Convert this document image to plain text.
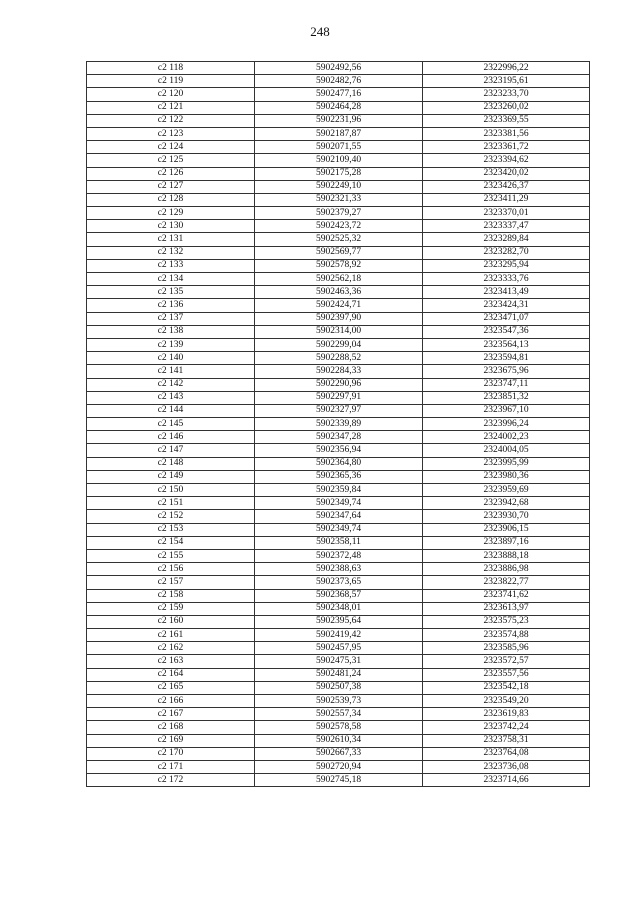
248
c2 118	5902492,56	2322996,22
c2 119	5902482,76	2323195,61
c2 120	5902477,16	2323233,70
c2 121	5902464,28	2323260,02
c2 122	5902231,96	2323369,55
c2 123	5902187,87	2323381,56
c2 124	5902071,55	2323361,72
c2 125	5902109,40	2323394,62
c2 126	5902175,28	2323420,02
c2 127	5902249,10	2323426,37
c2 128	5902321,33	2323411,29
c2 129	5902379,27	2323370,01
c2 130	5902423,72	2323337,47
c2 131	5902525,32	2323289,84
c2 132	5902569,77	2323282,70
c2 133	5902578,92	2323295,94
c2 134	5902562,18	2323333,76
c2 135	5902463,36	2323413,49
c2 136	5902424,71	2323424,31
c2 137	5902397,90	2323471,07
c2 138	5902314,00	2323547,36
c2 139	5902299,04	2323564,13
c2 140	5902288,52	2323594,81
c2 141	5902284,33	2323675,96
c2 142	5902290,96	2323747,11
c2 143	5902297,91	2323851,32
c2 144	5902327,97	2323967,10
c2 145	5902339,89	2323996,24
c2 146	5902347,28	2324002,23
c2 147	5902356,94	2324004,05
c2 148	5902364,80	2323995,99
c2 149	5902365,36	2323980,36
c2 150	5902359,84	2323959,69
c2 151	5902349,74	2323942,68
c2 152	5902347,64	2323930,70
c2 153	5902349,74	2323906,15
c2 154	5902358,11	2323897,16
c2 155	5902372,48	2323888,18
c2 156	5902388,63	2323886,98
c2 157	5902373,65	2323822,77
c2 158	5902368,57	2323741,62
c2 159	5902348,01	2323613,97
c2 160	5902395,64	2323575,23
c2 161	5902419,42	2323574,88
c2 162	5902457,95	2323585,96
c2 163	5902475,31	2323572,57
c2 164	5902481,24	2323557,56
c2 165	5902507,38	2323542,18
c2 166	5902539,73	2323549,20
c2 167	5902557,34	2323619,83
c2 168	5902578,58	2323742,24
c2 169	5902610,34	2323758,31
c2 170	5902667,33	2323764,08
c2 171	5902720,94	2323736,08
c2 172	5902745,18	2323714,66
